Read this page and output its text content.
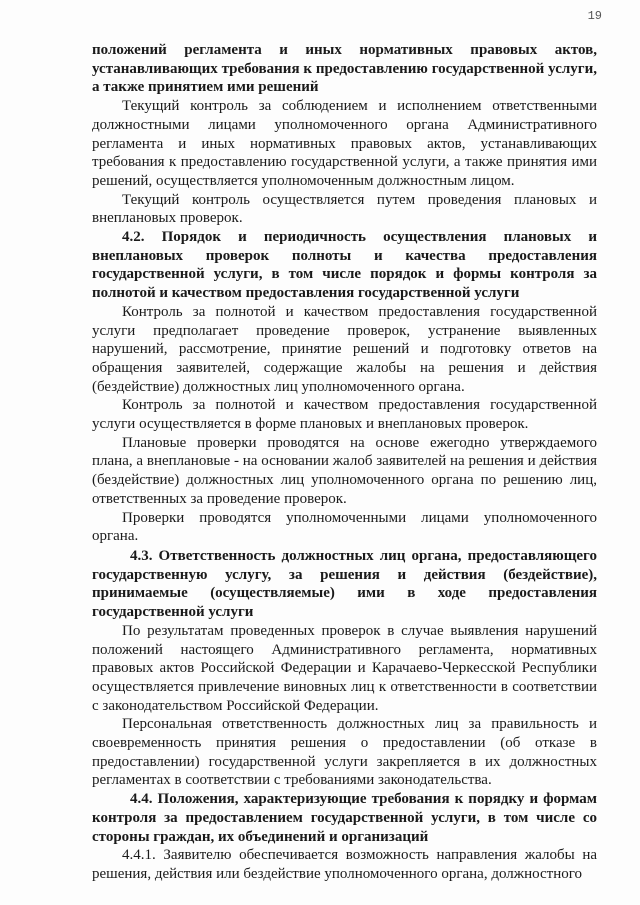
19

положений регламента и иных нормативных правовых актов, устанавливающих требования к предоставлению государственной услуги, а также принятием ими решений

Текущий контроль за соблюдением и исполнением ответственными должностными лицами уполномоченного органа Административного регламента и иных нормативных правовых актов, устанавливающих требования к предоставлению государственной услуги, а также принятия ими решений, осуществляется уполномоченным должностным лицом.

Текущий контроль осуществляется путем проведения плановых и внеплановых проверок.

4.2. Порядок и периодичность осуществления плановых и внеплановых проверок полноты и качества предоставления государственной услуги, в том числе порядок и формы контроля за полнотой и качеством предоставления государственной услуги

Контроль за полнотой и качеством предоставления государственной услуги предполагает проведение проверок, устранение выявленных нарушений, рассмотрение, принятие решений и подготовку ответов на обращения заявителей, содержащие жалобы на решения и действия (бездействие) должностных лиц уполномоченного органа.

Контроль за полнотой и качеством предоставления государственной услуги осуществляется в форме плановых и внеплановых проверок.

Плановые проверки проводятся на основе ежегодно утверждаемого плана, а внеплановые - на основании жалоб заявителей на решения и действия (бездействие) должностных лиц уполномоченного органа по решению лиц, ответственных за проведение проверок.

Проверки проводятся уполномоченными лицами уполномоченного органа.

4.3. Ответственность должностных лиц органа, предоставляющего государственную услугу, за решения и действия (бездействие), принимаемые (осуществляемые) ими в ходе предоставления государственной услуги

По результатам проведенных проверок в случае выявления нарушений положений настоящего Административного регламента, нормативных правовых актов Российской Федерации и Карачаево-Черкесской Республики осуществляется привлечение виновных лиц к ответственности в соответствии с законодательством Российской Федерации.

Персональная ответственность должностных лиц за правильность и своевременность принятия решения о предоставлении (об отказе в предоставлении) государственной услуги закрепляется в их должностных регламентах в соответствии с требованиями законодательства.

4.4. Положения, характеризующие требования к порядку и формам контроля за предоставлением государственной услуги, в том числе со стороны граждан, их объединений и организаций

4.4.1. Заявителю обеспечивается возможность направления жалобы на решения, действия или бездействие уполномоченного органа, должностного
